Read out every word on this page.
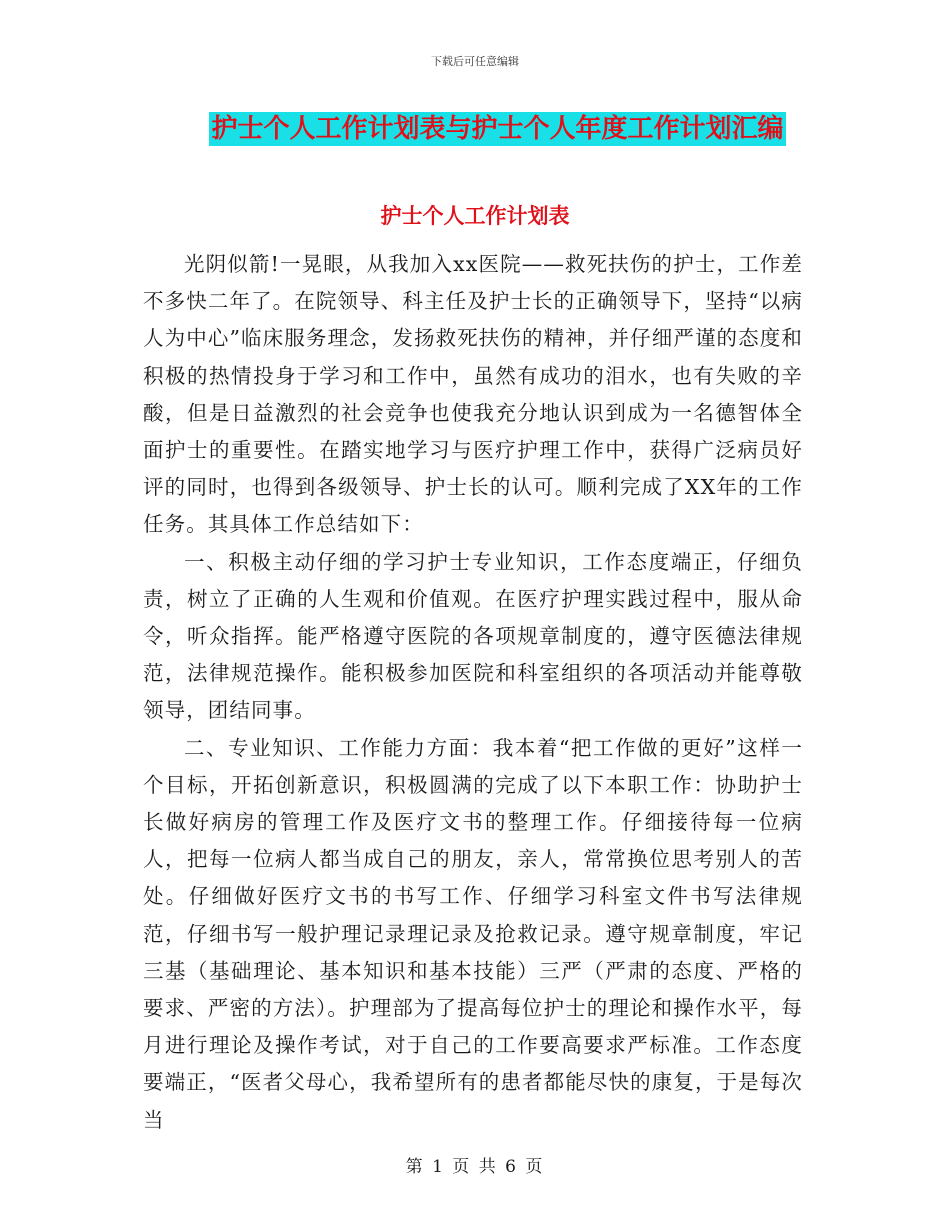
下载后可任意编辑
护士个人工作计划表与护士个人年度工作计划汇编
护士个人工作计划表

光阴似箭!一晃眼，从我加入xx医院——救死扶伤的护士，工作差不多快二年了。在院领导、科主任及护士长的正确领导下，坚持“以病人为中心”临床服务理念，发扬救死扶伤的精神，并仔细严谨的态度和积极的热情投身于学习和工作中，虽然有成功的泪水，也有失败的辛酸，但是日益激烈的社会竞争也使我充分地认识到成为一名德智体全面护士的重要性。在踏实地学习与医疗护理工作中，获得广泛病员好评的同时，也得到各级领导、护士长的认可。顺利完成了XX年的工作任务。其具体工作总结如下：

一、积极主动仔细的学习护士专业知识，工作态度端正，仔细负责，树立了正确的人生观和价值观。在医疗护理实践过程中，服从命令，听众指挥。能严格遵守医院的各项规章制度的，遵守医德法律规范，法律规范操作。能积极参加医院和科室组织的各项活动并能尊敬领导，团结同事。

二、专业知识、工作能力方面：我本着“把工作做的更好”这样一个目标，开拓创新意识，积极圆满的完成了以下本职工作：协助护士长做好病房的管理工作及医疗文书的整理工作。仔细接待每一位病人，把每一位病人都当成自己的朋友，亲人，常常换位思考别人的苦处。仔细做好医疗文书的书写工作、仔细学习科室文件书写法律规范，仔细书写一般护理记录理记录及抢救记录。遵守规章制度，牢记三基（基础理论、基本知识和基本技能）三严（严肃的态度、严格的要求、严密的方法）。护理部为了提高每位护士的理论和操作水平，每月进行理论及操作考试，对于自己的工作要高要求严标准。工作态度要端正，“医者父母心，我希望所有的患者都能尽快的康复，于是每次当

第 1 页 共 6 页
